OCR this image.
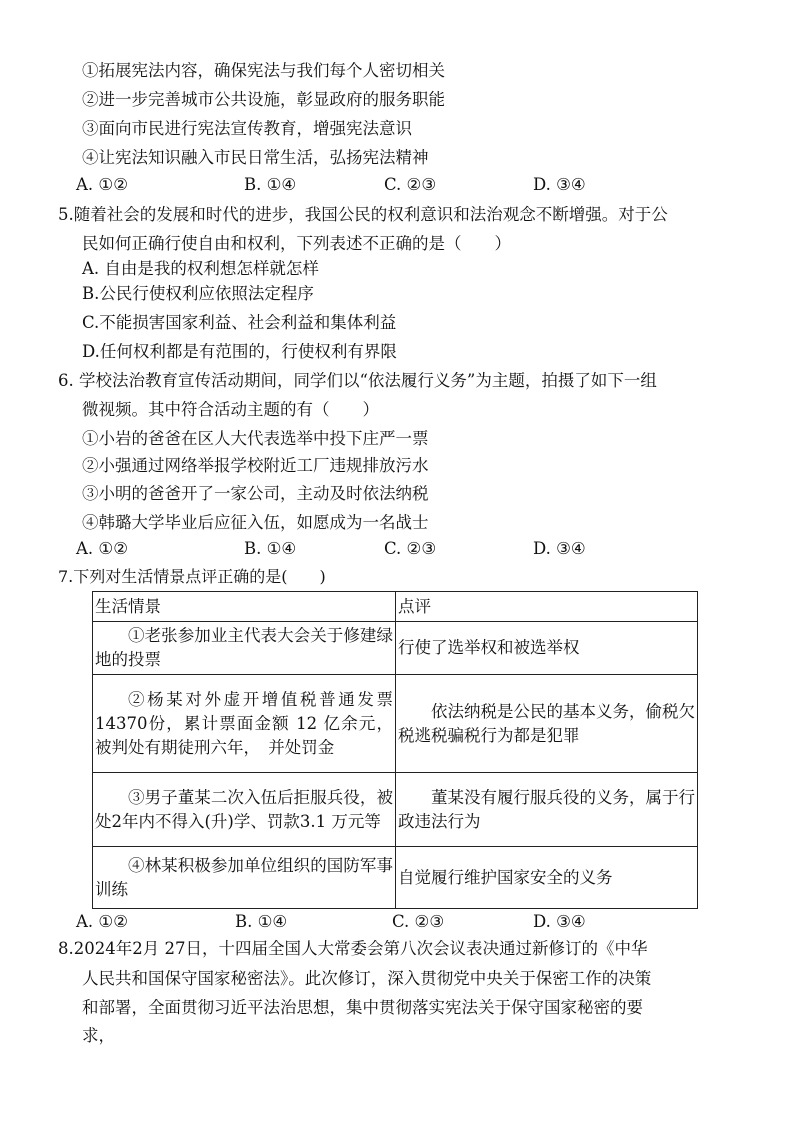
①拓展宪法内容，确保宪法与我们每个人密切相关
②进一步完善城市公共设施，彰显政府的服务职能
③面向市民进行宪法宣传教育，增强宪法意识
④让宪法知识融入市民日常生活，弘扬宪法精神
A. ①②	B. ①④	C. ②③	D. ③④
5.随着社会的发展和时代的进步，我国公民的权利意识和法治观念不断增强。对于公
民如何正确行使自由和权利，下列表述不正确的是（　　）
A. 自由是我的权利想怎样就怎样
B.公民行使权利应依照法定程序
C.不能损害国家利益、社会利益和集体利益
D.任何权利都是有范围的，行使权利有界限
6. 学校法治教育宣传活动期间，同学们以“依法履行义务”为主题，拍摄了如下一组
微视频。其中符合活动主题的有（　　）
①小岩的爸爸在区人大代表选举中投下庄严一票
②小强通过网络举报学校附近工厂违规排放污水
③小明的爸爸开了一家公司，主动及时依法纳税
④韩璐大学毕业后应征入伍，如愿成为一名战士
A. ①②	B. ①④	C. ②③	D. ③④
7.下列对生活情景点评正确的是(　　)
生活情景	点评
①老张参加业主代表大会关于修建绿地的投票	行使了选举权和被选举权
②杨某对外虚开增值税普通发票14370份，累计票面金额 12 亿余元，被判处有期徒刑六年，　并处罚金	依法纳税是公民的基本义务，偷税欠税逃税骗税行为都是犯罪
③男子董某二次入伍后拒服兵役，被处2年内不得入(升)学、罚款3.1 万元等	董某没有履行服兵役的义务，属于行政违法行为
④林某积极参加单位组织的国防军事训练	自觉履行维护国家安全的义务
A. ①②	B. ①④	C. ②③	D. ③④
8.2024年2月 27日，十四届全国人大常委会第八次会议表决通过新修订的《中华
人民共和国保守国家秘密法》。此次修订，深入贯彻党中央关于保密工作的决策
和部署，全面贯彻习近平法治思想，集中贯彻落实宪法关于保守国家秘密的要
求，
